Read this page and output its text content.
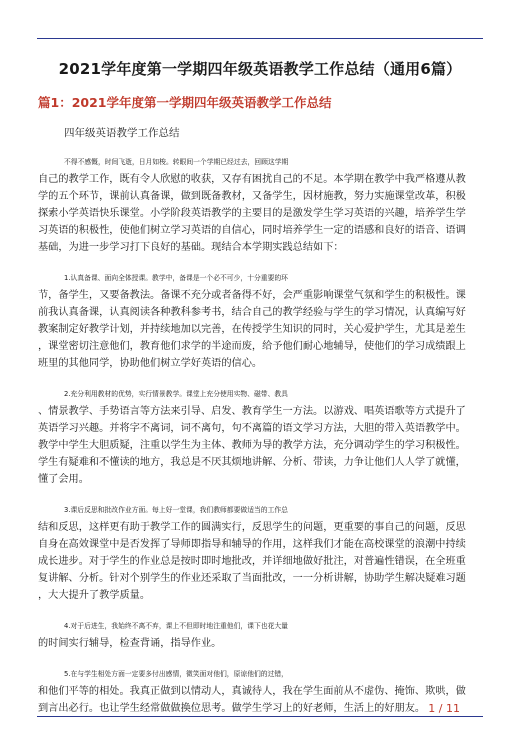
2021学年度第一学期四年级英语教学工作总结（通用6篇）
篇1：2021学年度第一学期四年级英语教学工作总结
四年级英语教学工作总结
不得不感慨，时间飞逝，日月如梭。转眼间一个学期已经过去，回顾这学期
自己的教学工作，既有令人欣慰的收获，又存有困扰自己的不足。本学期在教学中我严格遵从教
学的五个环节，课前认真备课，做到既备教材，又备学生，因材施教，努力实施课堂改革，积极
探索小学英语快乐课堂。小学阶段英语教学的主要目的是激发学生学习英语的兴趣，培养学生学
习英语的积极性，使他们树立学习英语的自信心，同时培养学生一定的语感和良好的语音、语调
基础，为进一步学习打下良好的基础。现结合本学期实践总结如下：
1.认真备课、面向全体授课。教学中，备课是一个必不可少，十分重要的环
节，备学生，又要备教法。备课不充分或者备得不好，会严重影响课堂气氛和学生的积极性。课
前我认真备课，认真阅读各种教科参考书，结合自己的教学经验与学生的学习情况，认真编写好
教案制定好教学计划，并持续地加以完善，在传授学生知识的同时，关心爱护学生，尤其是差生
，课堂密切注意他们，教育他们求学的半途而废，给予他们耐心地辅导，使他们的学习成绩跟上
班里的其他同学，协助他们树立学好英语的信心。
2.充分利用教材的优势，实行情景教学。课堂上充分使用实物、磁带、教具
、情景教学、手势语言等方法来引导、启发、教育学生一方法。以游戏、唱英语歌等方式提升了
英语学习兴趣。并将字不离词，词不离句，句不离篇的语文学习方法，大胆的带入英语教学中。
教学中学生大胆质疑，注重以学生为主体、教师为导的教学方法，充分调动学生的学习积极性。
学生有疑难和不懂读的地方，我总是不厌其烦地讲解、分析、带读，力争让他们人人学了就懂，
懂了会用。
3.课后反思和批改作业方面。每上好一堂课，我们教师都要做适当的工作总
结和反思，这样更有助于教学工作的圆满实行，反思学生的问题，更重要的事自己的问题，反思
自身在高效课堂中是否发挥了导师即指导和辅导的作用，这样我们才能在高校课堂的浪潮中持续
成长进步。对于学生的作业总是按时即时地批改，并详细地做好批注，对普遍性错误，在全班重
复讲解、分析。针对个别学生的作业还采取了当面批改，一一分析讲解，协助学生解决疑难习题
，大大提升了教学质量。
4.对于后进生，我始终不离不弃，课上不但即时地注重他们，课下也花大量
的时间实行辅导，检查背诵，指导作业。
5.在与学生相处方面一定要多付出感情，微笑面对他们，原谅他们的过错，
和他们平等的相处。我真正做到以情动人，真诚待人，我在学生面前从不虚伪、掩饰、欺哄，做
到言出必行。也让学生经常做做换位思考。做学生学习上的好老师，生活上的好朋友。 1 / 11
